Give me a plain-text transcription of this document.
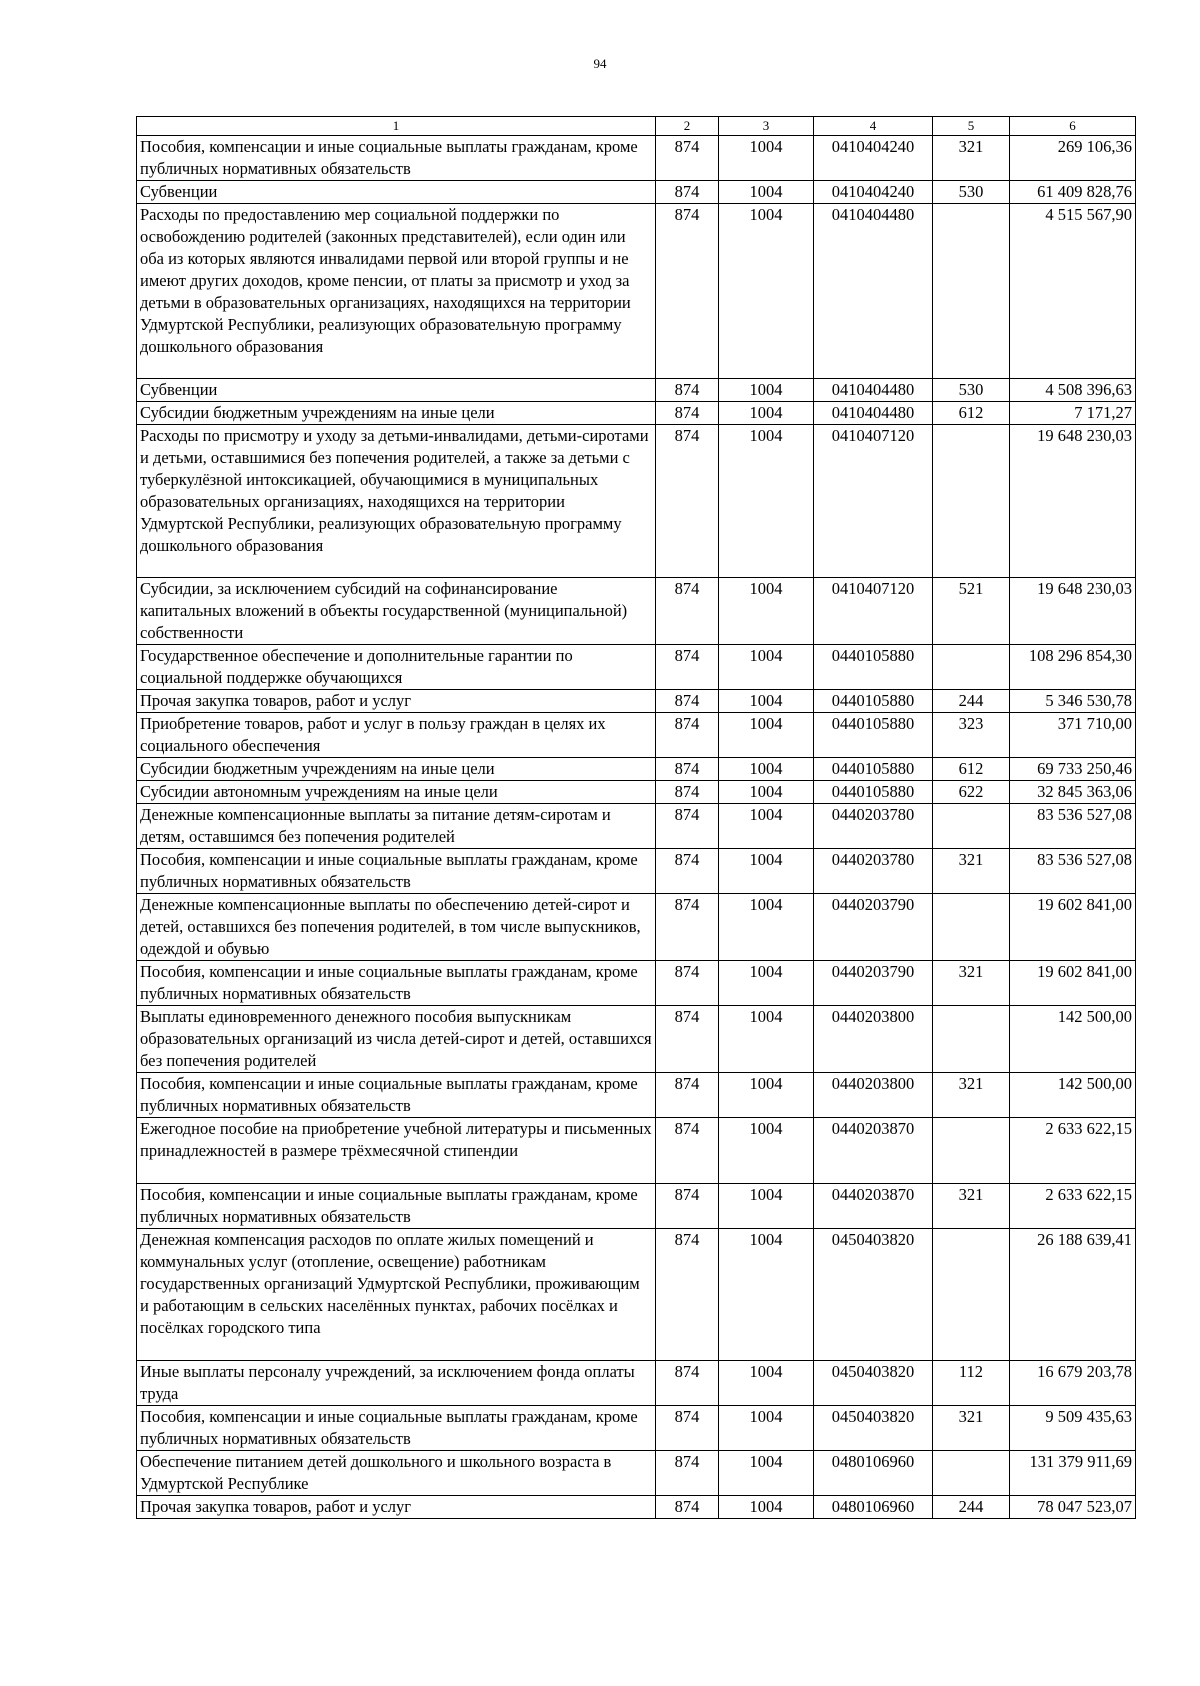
94
1	2	3	4	5	6
Пособия, компенсации и иные социальные выплаты гражданам, кроме публичных нормативных обязательств	874	1004	0410404240	321	269 106,36
Субвенции	874	1004	0410404240	530	61 409 828,76
Расходы по предоставлению мер социальной поддержки по освобождению родителей (законных представителей), если один или оба из которых являются инвалидами первой или второй группы и не имеют других доходов, кроме пенсии, от платы за присмотр и уход за детьми в образовательных организациях, находящихся на территории Удмуртской Республики, реализующих образовательную программу дошкольного образования	874	1004	0410404480		4 515 567,90
Субвенции	874	1004	0410404480	530	4 508 396,63
Субсидии бюджетным учреждениям на иные цели	874	1004	0410404480	612	7 171,27
Расходы по присмотру и уходу за детьми-инвалидами, детьми-сиротами и детьми, оставшимися без попечения родителей, а также за детьми с туберкулёзной интоксикацией, обучающимися в муниципальных образовательных организациях, находящихся на территории Удмуртской Республики, реализующих образовательную программу дошкольного образования	874	1004	0410407120		19 648 230,03
Субсидии, за исключением субсидий на софинансирование капитальных вложений в объекты государственной (муниципальной) собственности	874	1004	0410407120	521	19 648 230,03
Государственное обеспечение и дополнительные гарантии по социальной поддержке обучающихся	874	1004	0440105880		108 296 854,30
Прочая закупка товаров, работ и услуг	874	1004	0440105880	244	5 346 530,78
Приобретение товаров, работ и услуг в пользу граждан в целях их социального обеспечения	874	1004	0440105880	323	371 710,00
Субсидии бюджетным учреждениям на иные цели	874	1004	0440105880	612	69 733 250,46
Субсидии автономным учреждениям на иные цели	874	1004	0440105880	622	32 845 363,06
Денежные компенсационные выплаты за питание детям-сиротам и детям, оставшимся без попечения родителей	874	1004	0440203780		83 536 527,08
Пособия, компенсации и иные социальные выплаты гражданам, кроме публичных нормативных обязательств	874	1004	0440203780	321	83 536 527,08
Денежные компенсационные выплаты по обеспечению детей-сирот и детей, оставшихся без попечения родителей, в том числе выпускников, одеждой и обувью	874	1004	0440203790		19 602 841,00
Пособия, компенсации и иные социальные выплаты гражданам, кроме публичных нормативных обязательств	874	1004	0440203790	321	19 602 841,00
Выплаты единовременного денежного пособия выпускникам образовательных организаций из числа детей-сирот и детей, оставшихся без попечения родителей	874	1004	0440203800		142 500,00
Пособия, компенсации и иные социальные выплаты гражданам, кроме публичных нормативных обязательств	874	1004	0440203800	321	142 500,00
Ежегодное пособие на приобретение учебной литературы и письменных принадлежностей в размере трёхмесячной стипендии	874	1004	0440203870		2 633 622,15
Пособия, компенсации и иные социальные выплаты гражданам, кроме публичных нормативных обязательств	874	1004	0440203870	321	2 633 622,15
Денежная компенсация расходов по оплате жилых помещений и коммунальных услуг (отопление, освещение) работникам государственных организаций Удмуртской Республики, проживающим и работающим в сельских населённых пунктах, рабочих посёлках и посёлках городского типа	874	1004	0450403820		26 188 639,41
Иные выплаты персоналу учреждений, за исключением фонда оплаты труда	874	1004	0450403820	112	16 679 203,78
Пособия, компенсации и иные социальные выплаты гражданам, кроме публичных нормативных обязательств	874	1004	0450403820	321	9 509 435,63
Обеспечение питанием детей дошкольного и школьного возраста в Удмуртской Республике	874	1004	0480106960		131 379 911,69
Прочая закупка товаров, работ и услуг	874	1004	0480106960	244	78 047 523,07
